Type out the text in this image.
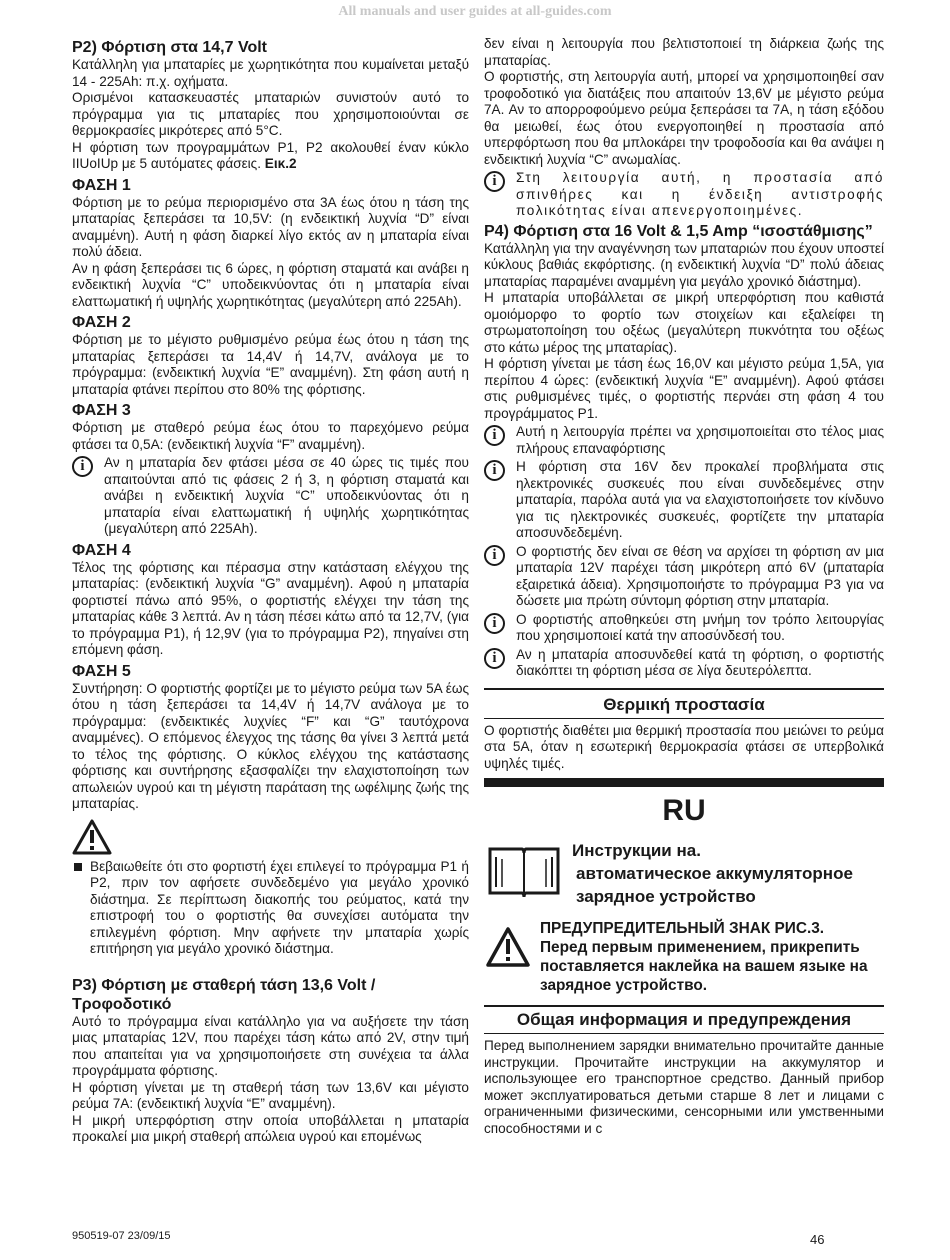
All manuals and user guides at all-guides.com
P2) Φόρτιση στα 14,7 Volt
Κατάλληλη για μπαταρίες με χωρητικότητα που κυμαίνεται μεταξύ 14 - 225Ah: π.χ. οχήματα.
Ορισμένοι κατασκευαστές μπαταριών συνιστούν αυτό το πρόγραμμα για τις μπαταρίες που χρησιμοποιούνται σε θερμοκρασίες μικρότερες από 5°C.
Η φόρτιση των προγραμμάτων P1, P2 ακολουθεί έναν κύκλο IIUoIUp με 5 αυτόματες φάσεις. Εικ.2
ΦΑΣΗ 1
Φόρτιση με το ρεύμα περιορισμένο στα 3A έως ότου η τάση της μπαταρίας ξεπεράσει τα 10,5V: (η ενδεικτική λυχνία “D” είναι αναμμένη). Αυτή η φάση διαρκεί λίγο εκτός αν η μπαταρία είναι πολύ άδεια.
Αν η φάση ξεπεράσει τις 6 ώρες, η φόρτιση σταματά και ανάβει η ενδεικτική λυχνία “C” υποδεικνύοντας ότι η μπαταρία είναι ελαττωματική ή υψηλής χωρητικότητας (μεγαλύτερη από 225Ah).
ΦΑΣΗ 2
Φόρτιση με το μέγιστο ρυθμισμένο ρεύμα έως ότου η τάση της μπαταρίας ξεπεράσει τα 14,4V ή 14,7V, ανάλογα με το πρόγραμμα: (ενδεικτική λυχνία “E” αναμμένη). Στη φάση αυτή η μπαταρία φτάνει περίπου στο 80% της φόρτισης.
ΦΑΣΗ 3
Φόρτιση με σταθερό ρεύμα έως ότου το παρεχόμενο ρεύμα φτάσει τα 0,5A: (ενδεικτική λυχνία “F” αναμμένη).
i	Αν η μπαταρία δεν φτάσει μέσα σε 40 ώρες τις τιμές που απαιτούνται από τις φάσεις 2 ή 3, η φόρτιση σταματά και ανάβει η ενδεικτική λυχνία “C” υποδεικνύοντας ότι η μπαταρία είναι ελαττωματική ή υψηλής χωρητικότητας (μεγαλύτερη από 225Ah).
ΦΑΣΗ 4
Τέλος της φόρτισης και πέρασμα στην κατάσταση ελέγχου της μπαταρίας: (ενδεικτική λυχνία “G” αναμμένη). Αφού η μπαταρία φορτιστεί πάνω από 95%, ο φορτιστής ελέγχει την τάση της μπαταρίας κάθε 3 λεπτά. Αν η τάση πέσει κάτω από τα 12,7V, (για το πρόγραμμα P1), ή 12,9V (για το πρόγραμμα P2), πηγαίνει στη επόμενη φάση.
ΦΑΣΗ 5
Συντήρηση: Ο φορτιστής φορτίζει με το μέγιστο ρεύμα των 5A έως ότου η τάση ξεπεράσει τα 14,4V ή 14,7V ανάλογα με το πρόγραμμα: (ενδεικτικές λυχνίες “F” και “G” ταυτόχρονα αναμμένες). Ο επόμενος έλεγχος της τάσης θα γίνει 3 λεπτά μετά το τέλος της φόρτισης. Ο κύκλος ελέγχου της κατάστασης φόρτισης και συντήρησης εξασφαλίζει την ελαχιστοποίηση των απωλειών υγρού και τη μέγιστη παράταση της ωφέλιμης ζωής της μπαταρίας.
Βεβαιωθείτε ότι στο φορτιστή έχει επιλεγεί το πρόγραμμα P1 ή P2, πριν τον αφήσετε συνδεδεμένο για μεγάλο χρονικό διάστημα. Σε περίπτωση διακοπής του ρεύματος, κατά την επιστροφή του ο φορτιστής θα συνεχίσει αυτόματα την επιλεγμένη φόρτιση. Μην αφήνετε την μπαταρία χωρίς επιτήρηση για μεγάλο χρονικό διάστημα.
P3) Φόρτιση με σταθερή τάση 13,6 Volt / Τροφοδοτικό
Αυτό το πρόγραμμα είναι κατάλληλο για να αυξήσετε την τάση μιας μπαταρίας 12V, που παρέχει τάση κάτω από 2V, στην τιμή που απαιτείται για να χρησιμοποιήσετε στη συνέχεια τα άλλα προγράμματα φόρτισης.
Η φόρτιση γίνεται με τη σταθερή τάση των 13,6V και μέγιστο ρεύμα 7A: (ενδεικτική λυχνία “E” αναμμένη).
Η μικρή υπερφόρτιση στην οποία υποβάλλεται η μπαταρία προκαλεί μια μικρή σταθερή απώλεια υγρού και επομένως
δεν είναι η λειτουργία που βελτιστοποιεί τη διάρκεια ζωής της μπαταρίας.
Ο φορτιστής, στη λειτουργία αυτή, μπορεί να χρησιμοποιηθεί σαν τροφοδοτικό για διατάξεις που απαιτούν 13,6V με μέγιστο ρεύμα 7A. Αν το απορροφούμενο ρεύμα ξεπεράσει τα 7A, η τάση εξόδου θα μειωθεί, έως ότου ενεργοποιηθεί η προστασία από υπερφόρτωση που θα μπλοκάρει την τροφοδοσία και θα ανάψει η ενδεικτική λυχνία “C” ανωμαλίας.
i	Στη λειτουργία αυτή, η προστασία από σπινθήρες και η ένδειξη αντιστροφής πολικότητας είναι απενεργοποιημένες.
P4) Φόρτιση στα 16 Volt & 1,5 Amp “ισοστάθμισης”
Κατάλληλη για την αναγέννηση των μπαταριών που έχουν υποστεί κύκλους βαθιάς εκφόρτισης. (η ενδεικτική λυχνία “D” πολύ άδειας μπαταρίας παραμένει αναμμένη για μεγάλο χρονικό διάστημα).
Η μπαταρία υποβάλλεται σε μικρή υπερφόρτιση που καθιστά ομοιόμορφο το φορτίο των στοιχείων και εξαλείφει τη στρωματοποίηση του οξέως (μεγαλύτερη πυκνότητα του οξέως στο κάτω μέρος της μπαταρίας).
Η φόρτιση γίνεται με τάση έως 16,0V και μέγιστο ρεύμα 1,5A, για περίπου 4 ώρες: (ενδεικτική λυχνία “E” αναμμένη). Αφού φτάσει στις ρυθμισμένες τιμές, ο φορτιστής περνάει στη φάση 4 του προγράμματος P1.
i	Αυτή η λειτουργία πρέπει να χρησιμοποιείται στο τέλος μιας πλήρους επαναφόρτισης
i	Η φόρτιση στα 16V δεν προκαλεί προβλήματα στις ηλεκτρονικές συσκευές που είναι συνδεδεμένες στην μπαταρία, παρόλα αυτά για να ελαχιστοποιήσετε τον κίνδυνο για τις ηλεκτρονικές συσκευές, φορτίζετε την μπαταρία αποσυνδεδεμένη.
i	Ο φορτιστής δεν είναι σε θέση να αρχίσει τη φόρτιση αν μια μπαταρία 12V παρέχει τάση μικρότερη από 6V (μπαταρία εξαιρετικά άδεια). Χρησιμοποιήστε το πρόγραμμα P3 για να δώσετε μια πρώτη σύντομη φόρτιση στην μπαταρία.
i	Ο φορτιστής αποθηκεύει στη μνήμη τον τρόπο λειτουργίας που χρησιμοποιεί κατά την αποσύνδεσή του.
i	Αν η μπαταρία αποσυνδεθεί κατά τη φόρτιση, ο φορτιστής διακόπτει τη φόρτιση μέσα σε λίγα δευτερόλεπτα.
Θερμική προστασία
Ο φορτιστής διαθέτει μια θερμική προστασία που μειώνει το ρεύμα στα 5A, όταν η εσωτερική θερμοκρασία φτάσει σε υπερβολικά υψηλές τιμές.
RU
Инструкции на.
автоматическое аккумуляторное
зарядное устройство
ПРЕДУПРЕДИТЕЛЬНЫЙ ЗНАК РИС.3.
Перед первым применением, прикрепить поставляется наклейка на вашем языке на зарядное устройство.
Общая информация и предупреждения
Перед выполнением зарядки внимательно прочитайте данные инструкции. Прочитайте инструкции на аккумулятор и использующее его транспортное средство. Данный прибор может эксплуатироваться детьми старше 8 лет и лицами с ограниченными физическими, сенсорными или умственными способностями и с
950519-07 23/09/15	46
